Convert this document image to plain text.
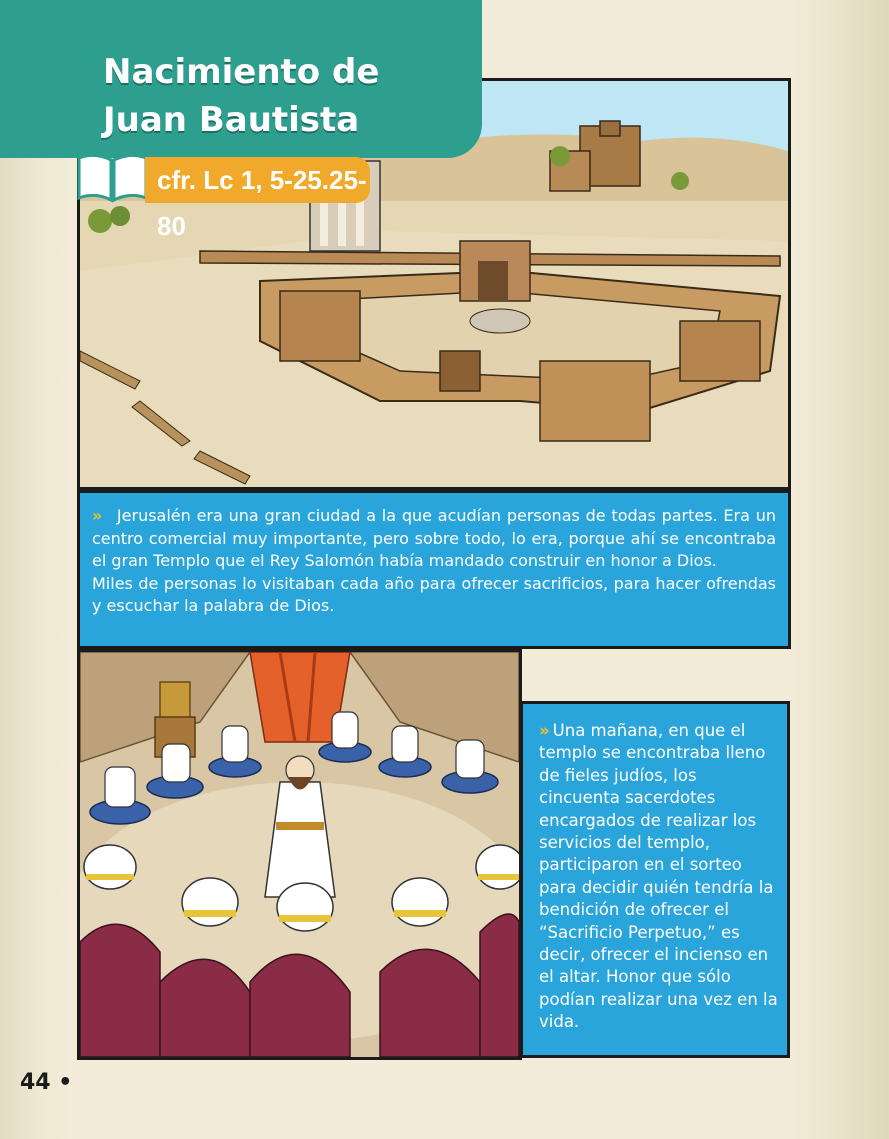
Nacimiento de Juan Bautista
cfr. Lc 1, 5-25.25-80
» Jerusalén era una gran ciudad a la que acudían personas de todas partes. Era un centro comercial muy importante, pero sobre todo, lo era, porque ahí se encontraba el gran Templo que el Rey Salomón había mandado construir en honor a Dios.
Miles de personas lo visitaban cada año para ofrecer sacrificios, para hacer ofrendas y escuchar la palabra de Dios.
» Una mañana, en que el templo se encontraba lleno de fieles judíos, los cincuenta sacerdotes encargados de realizar los servicios del templo, participaron en el sorteo para decidir quién tendría la bendición de ofrecer el “Sacrificio Perpetuo,” es decir, ofrecer el incienso en el altar. Honor que sólo podían realizar una vez en la vida.
44 •
